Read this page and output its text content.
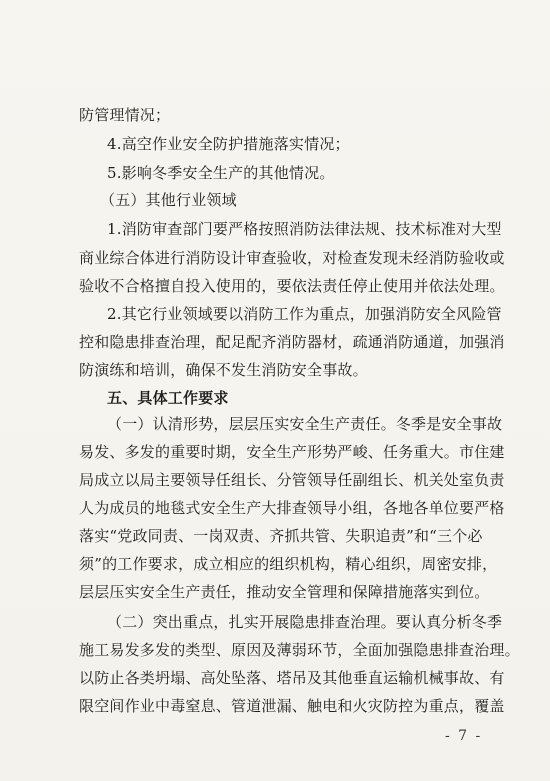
防管理情况；
4.高空作业安全防护措施落实情况；
5.影响冬季安全生产的其他情况。
（五）其他行业领域
1.消防审查部门要严格按照消防法律法规、技术标准对大型
商业综合体进行消防设计审查验收，对检查发现未经消防验收或
验收不合格擅自投入使用的，要依法责任停止使用并依法处理。
2.其它行业领域要以消防工作为重点，加强消防安全风险管
控和隐患排查治理，配足配齐消防器材，疏通消防通道，加强消
防演练和培训，确保不发生消防安全事故。
五、具体工作要求
（一）认清形势，层层压实安全生产责任。冬季是安全事故
易发、多发的重要时期，安全生产形势严峻、任务重大。市住建
局成立以局主要领导任组长、分管领导任副组长、机关处室负责
人为成员的地毯式安全生产大排查领导小组，各地各单位要严格
落实“党政同责、一岗双责、齐抓共管、失职追责”和“三个必
须”的工作要求，成立相应的组织机构，精心组织，周密安排，
层层压实安全生产责任，推动安全管理和保障措施落实到位。
（二）突出重点，扎实开展隐患排查治理。要认真分析冬季
施工易发多发的类型、原因及薄弱环节，全面加强隐患排查治理。
以防止各类坍塌、高处坠落、塔吊及其他垂直运输机械事故、有
限空间作业中毒窒息、管道泄漏、触电和火灾防控为重点，覆盖
- 7 -
